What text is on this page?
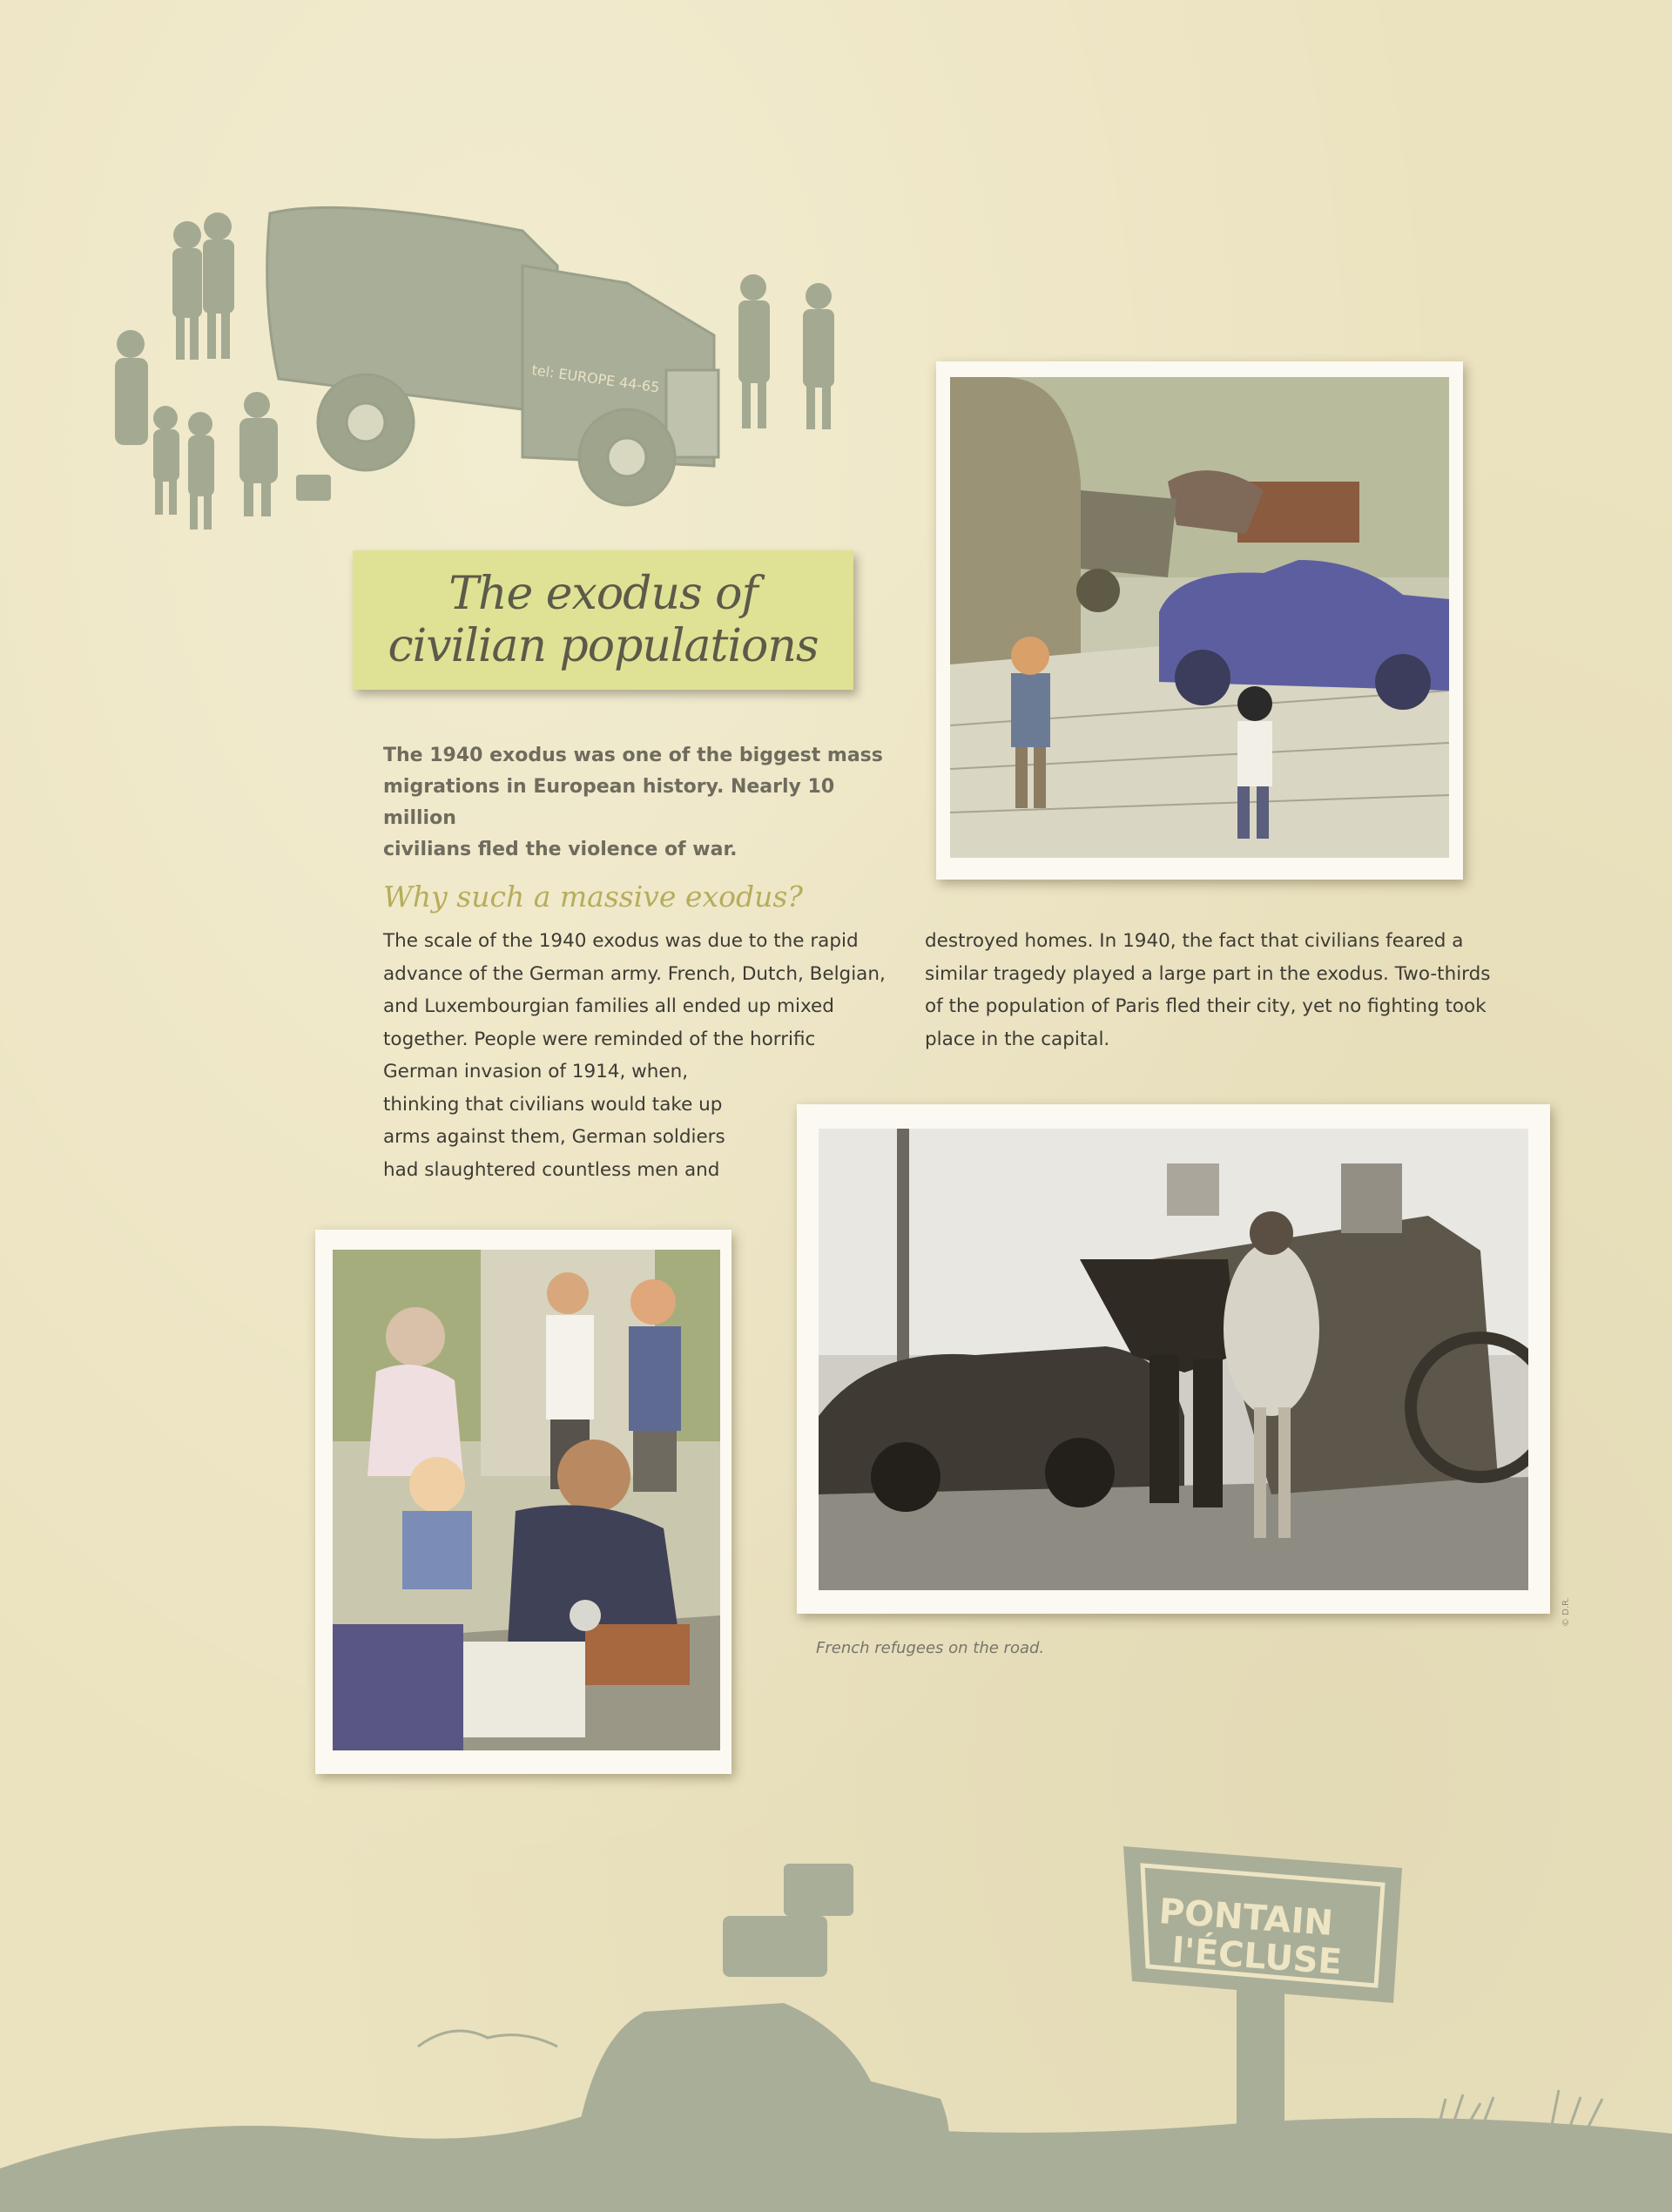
tel: EUROPE 44-65
The exodus of
civilian populations
The 1940 exodus was one of the biggest mass
migrations in European history. Nearly 10 million
civilians fled the violence of war.
Why such a massive exodus?
The scale of the 1940 exodus was due to the rapid
advance of the German army. French, Dutch, Belgian,
and Luxembourgian families all ended up mixed
together. People were reminded of the horrific
German invasion of 1914, when,
thinking that civilians would take up
arms against them, German soldiers
had slaughtered countless men and
destroyed homes. In 1940, the fact that civilians feared a
similar tragedy played a large part in the exodus. Two-thirds
of the population of Paris fled their city, yet no fighting took
place in the capital.
French refugees on the road.
PONTAIN
l'ÉCLUSE
